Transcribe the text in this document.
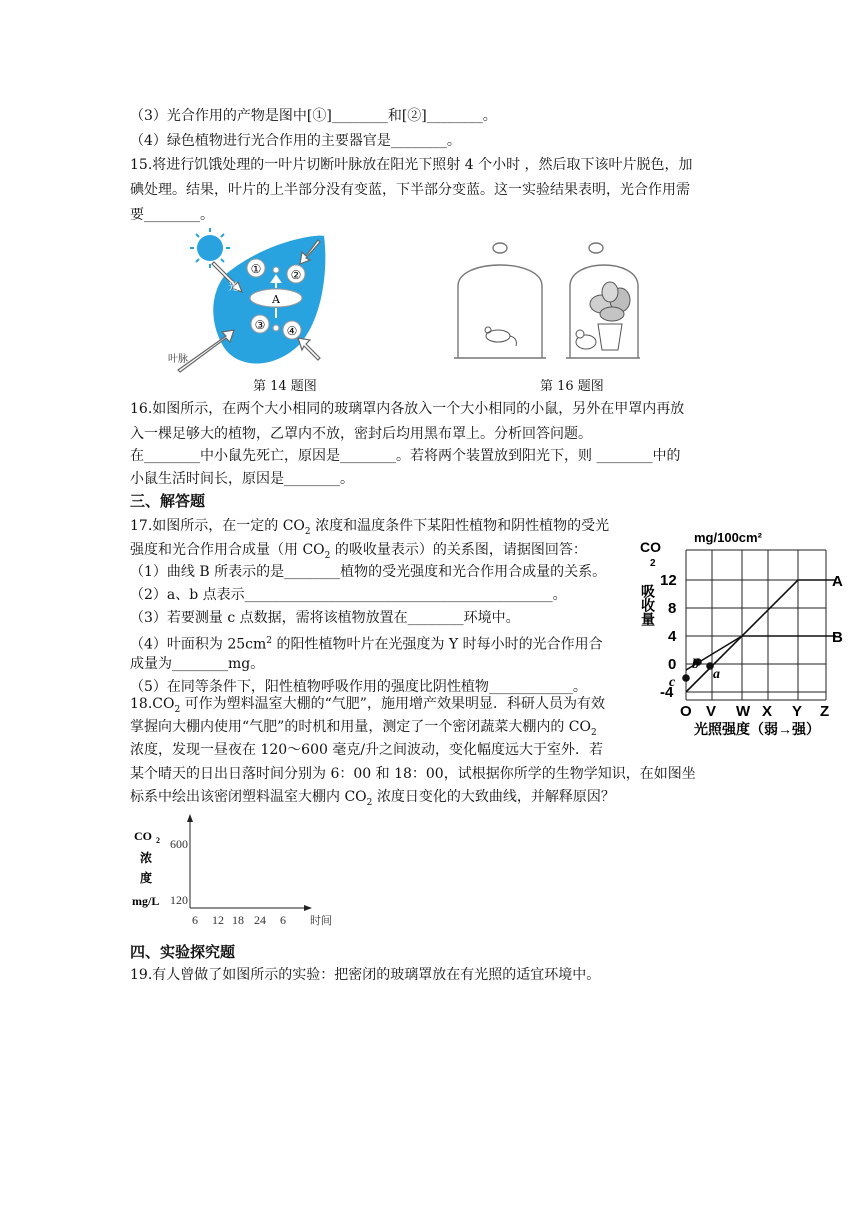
（3）光合作用的产物是图中[①]________和[②]________。
（4）绿色植物进行光合作用的主要器官是________。
15.将进行饥饿处理的一叶片切断叶脉放在阳光下照射 4 个小时 ，然后取下该叶片脱色，加
碘处理。结果，叶片的上半部分没有变蓝，下半部分变蓝。这一实验结果表明，光合作用需
要________。
① ②
A
③ ④
光
叶脉
第 14 题图	第 16 题图
16.如图所示，在两个大小相同的玻璃罩内各放入一个大小相同的小鼠，另外在甲罩内再放
入一棵足够大的植物，乙罩内不放，密封后均用黑布罩上。分析回答问题。
在________中小鼠先死亡，原因是________。若将两个装置放到阳光下，则 ________中的
小鼠生活时间长，原因是________。
三、解答题
17.如图所示，在一定的 $CO_2$ 浓度和温度条件下某阳性植物和阴性植物的受光
强度和光合作用合成量（用 $CO_2$ 的吸收量表示）的关系图，请据图回答：
（1）曲线 B 所表示的是________植物的受光强度和光合作用合成量的关系。
（2）a、b 点表示____________________________________________。
（3）若要测量 c 点数据，需将该植物放置在________环境中。
（4）叶面积为 $25cm^2$ 的阳性植物叶片在光强度为 Y 时每小时的光合作用合
成量为________mg。
（5）在同等条件下，阳性植物呼吸作用的强度比阴性植物____________。
$18.CO_2$ 可作为塑料温室大棚的“气肥”，施用增产效果明显．科研人员为有效
掌握向大棚内使用“气肥”的时机和用量，测定了一个密闭蔬菜大棚内的 $CO_2$
浓度，发现一昼夜在 120～600 毫克/升之间波动，变化幅度远大于室外．若
某个晴天的日出日落时间分别为 6：00 和 18：00，试根据你所学的生物学知识，在如图坐
标系中绘出该密闭塑料温室大棚内 $CO_2$ 浓度日变化的大致曲线，并解释原因？
mg/100cm²
CO
2
吸收量
12
8
4
0
-4
O V W X Y Z
A
B
b
a
c
光照强度（弱→强）
CO 2
浓
度
mg/L
600
120
6 12 18 24 6 时间
四、实验探究题
19.有人曾做了如图所示的实验：把密闭的玻璃罩放在有光照的适宜环境中。
